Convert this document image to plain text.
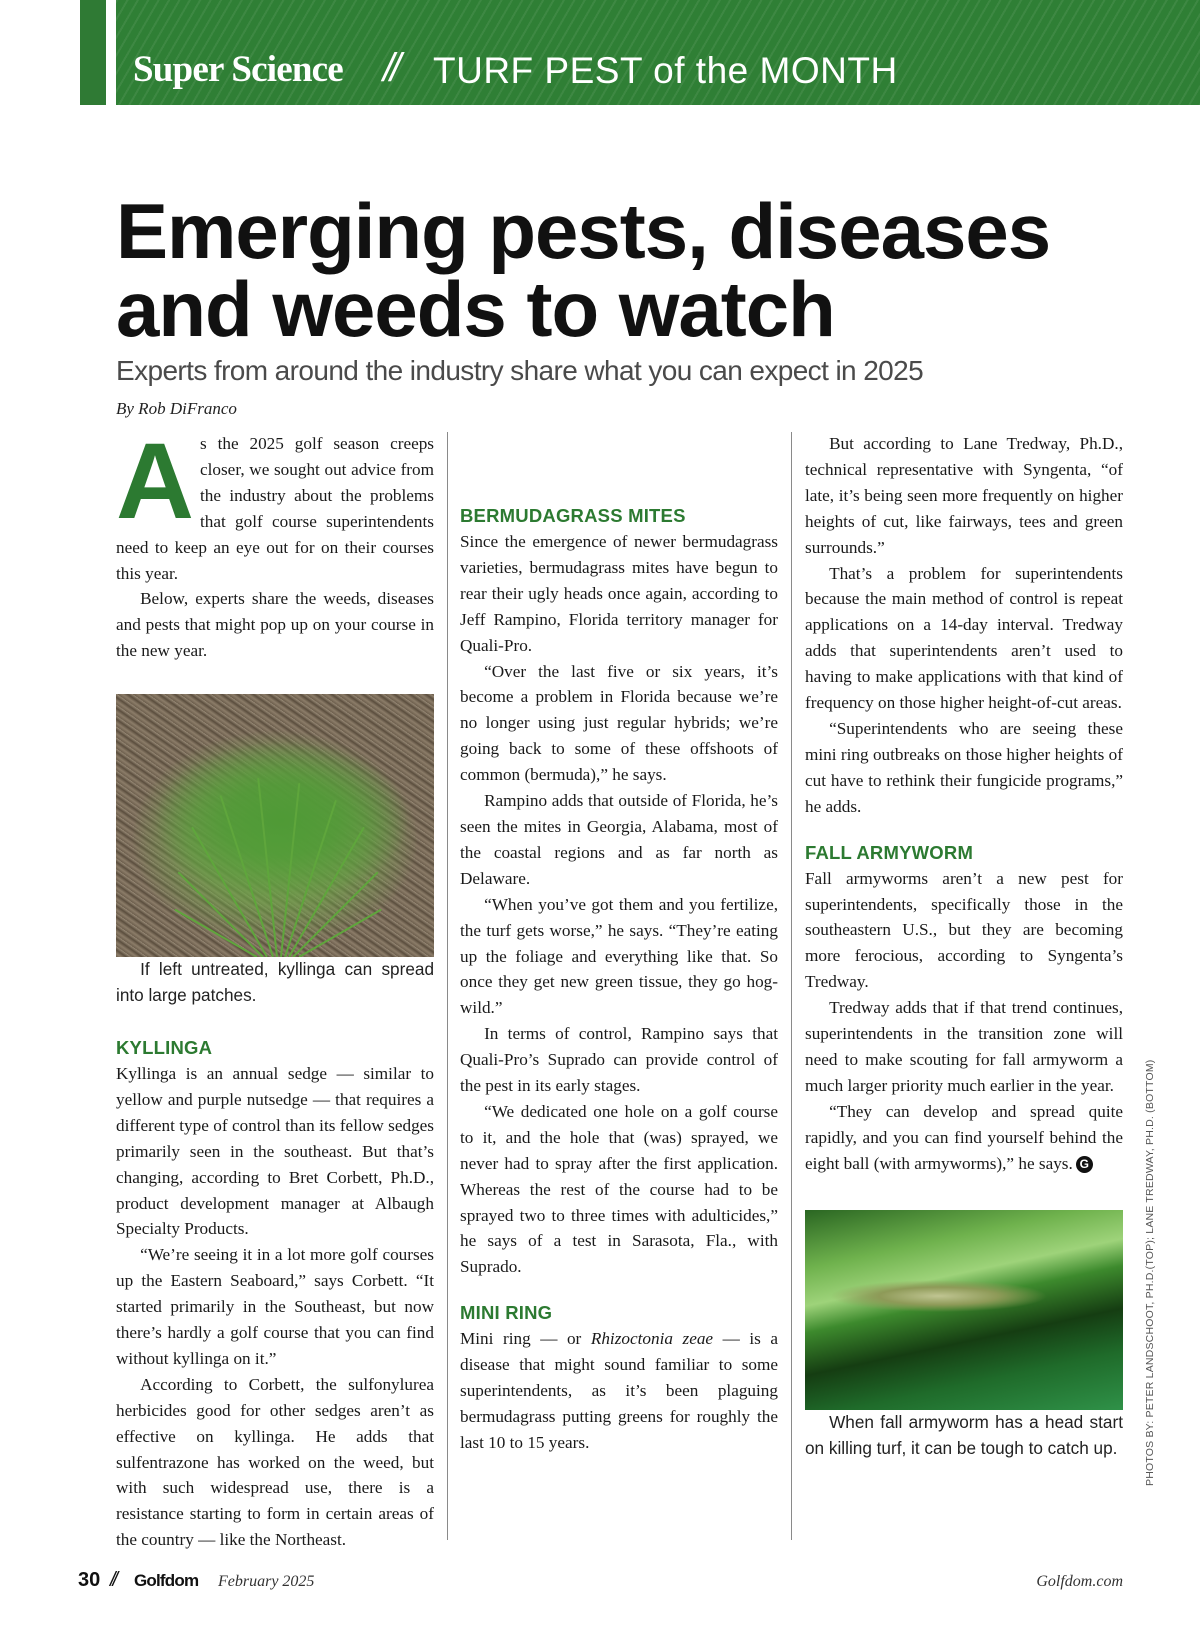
Super Science // TURF PEST of the MONTH
Emerging pests, diseases and weeds to watch
Experts from around the industry share what you can expect in 2025
By Rob DiFranco

As the 2025 golf season creeps closer, we sought out advice from the industry about the problems that golf course superintendents need to keep an eye out for on their courses this year.

Below, experts share the weeds, diseases and pests that might pop up on your course in the new year.

If left untreated, kyllinga can spread into large patches.

KYLLINGA

Kyllinga is an annual sedge — similar to yellow and purple nutsedge — that requires a different type of control than its fellow sedges primarily seen in the southeast. But that’s changing, according to Bret Corbett, Ph.D., product development manager at Albaugh Specialty Products.

“We’re seeing it in a lot more golf courses up the Eastern Seaboard,” says Corbett. “It started primarily in the Southeast, but now there’s hardly a golf course that you can find without kyllinga on it.”

According to Corbett, the sulfonylurea herbicides good for other sedges aren’t as effective on kyllinga. He adds that sulfentrazone has worked on the weed, but with such widespread use, there is a resistance starting to form in certain areas of the country — like the Northeast.

BERMUDAGRASS MITES

Since the emergence of newer bermudagrass varieties, bermudagrass mites have begun to rear their ugly heads once again, according to Jeff Rampino, Florida territory manager for Quali-Pro.

“Over the last five or six years, it’s become a problem in Florida because we’re no longer using just regular hybrids; we’re going back to some of these offshoots of common (bermuda),” he says.

Rampino adds that outside of Florida, he’s seen the mites in Georgia, Alabama, most of the coastal regions and as far north as Delaware.

“When you’ve got them and you fertilize, the turf gets worse,” he says. “They’re eating up the foliage and everything like that. So once they get new green tissue, they go hog-wild.”

In terms of control, Rampino says that Quali-Pro’s Suprado can provide control of the pest in its early stages.

“We dedicated one hole on a golf course to it, and the hole that (was) sprayed, we never had to spray after the first application. Whereas the rest of the course had to be sprayed two to three times with adulticides,” he says of a test in Sarasota, Fla., with Suprado.

MINI RING

Mini ring — or Rhizoctonia zeae — is a disease that might sound familiar to some superintendents, as it’s been plaguing bermudagrass putting greens for roughly the last 10 to 15 years.

But according to Lane Tredway, Ph.D., technical representative with Syngenta, “of late, it’s being seen more frequently on higher heights of cut, like fairways, tees and green surrounds.”

That’s a problem for superintendents because the main method of control is repeat applications on a 14-day interval. Tredway adds that superintendents aren’t used to having to make applications with that kind of frequency on those higher height-of-cut areas.

“Superintendents who are seeing these mini ring outbreaks on those higher heights of cut have to rethink their fungicide programs,” he adds.

FALL ARMYWORM

Fall armyworms aren’t a new pest for superintendents, specifically those in the southeastern U.S., but they are becoming more ferocious, according to Syngenta’s Tredway.

Tredway adds that if that trend continues, superintendents in the transition zone will need to make scouting for fall armyworm a much larger priority much earlier in the year.

“They can develop and spread quite rapidly, and you can find yourself behind the eight ball (with armyworms),” he says. G

When fall armyworm has a head start on killing turf, it can be tough to catch up.	PHOTOS BY: PETER LANDSCHOOT, PH.D.(TOP); LANE TREDWAY, PH.D. (BOTTOM)
30 // Golfdom February 2025	Golfdom.com
